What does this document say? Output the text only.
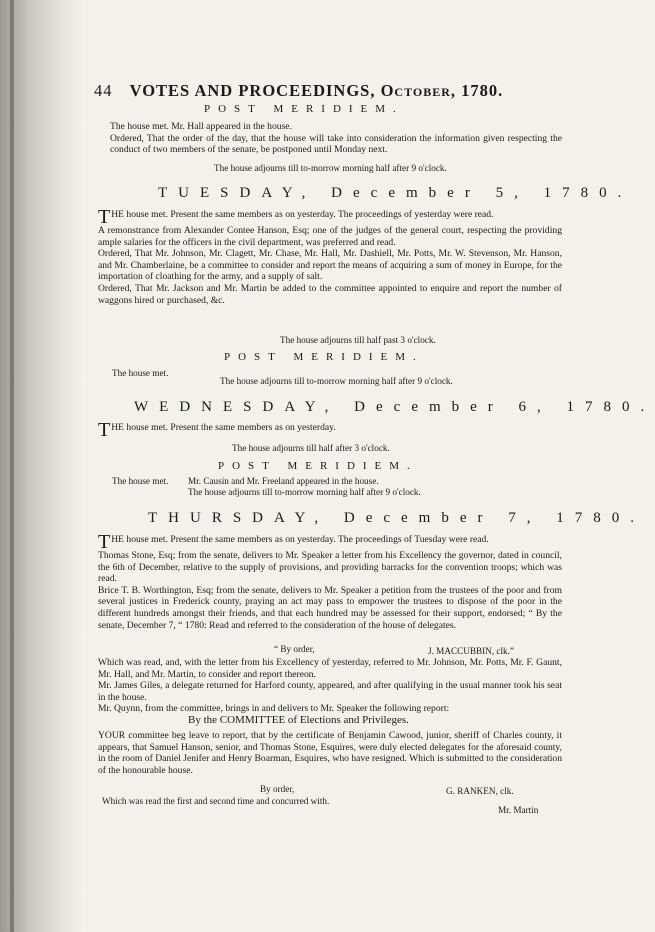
44 VOTES AND PROCEEDINGS, October, 1780.
POST MERIDIEM.

The house met. Mr. Hall appeared in the house.

Ordered, That the order of the day, that the house will take into consideration the information given respecting the conduct of two members of the senate, be postponed until Monday next.

The house adjourns till to-morrow morning half after 9 o'clock.
TUESDAY, December 5, 1780.

THE house met. Present the same members as on yesterday. The proceedings of yesterday were read.

A remonstrance from Alexander Contee Hanson, Esq; one of the judges of the general court, respecting the providing ample salaries for the officers in the civil department, was preferred and read.

Ordered, That Mr. Johnson, Mr. Clagett, Mr. Chase, Mr. Hall, Mr. Dashiell, Mr. Potts, Mr. W. Stevenson, Mr. Hanson, and Mr. Chamberlaine, be a committee to consider and report the means of acquiring a sum of money in Europe, for the importation of cloathing for the army, and a supply of salt.

Ordered, That Mr. Jackson and Mr. Martin be added to the committee appointed to enquire and report the number of waggons hired or purchased, &c.

The house adjourns till half past 3 o'clock.
POST MERIDIEM.
The house met.
The house adjourns till to-morrow morning half after 9 o'clock.
WEDNESDAY, December 6, 1780.

THE house met. Present the same members as on yesterday.

The house adjourns till half after 3 o'clock.
POST MERIDIEM.
The house met. Mr. Causin and Mr. Freeland appeared in the house.
The house adjourns till to-morrow morning half after 9 o'clock.
THURSDAY, December 7, 1780.

THE house met. Present the same members as on yesterday. The proceedings of Tuesday were read.

Thomas Stone, Esq; from the senate, delivers to Mr. Speaker a letter from his Excellency the governor, dated in council, the 6th of December, relative to the supply of provisions, and providing barracks for the convention troops; which was read.

Brice T. B. Worthington, Esq; from the senate, delivers to Mr. Speaker a petition from the trustees of the poor and from several justices in Frederick county, praying an act may pass to empower the trustees to dispose of the poor in the different hundreds amongst their friends, and that each hundred may be assessed for their support, endorsed; “ By the senate, December 7, “ 1780: Read and referred to the consideration of the house of delegates.

“ By order,	J. MACCUBBIN, clk.”

Which was read, and, with the letter from his Excellency of yesterday, referred to Mr. Johnson, Mr. Potts, Mr. F. Gaunt, Mr. Hall, and Mr. Martin, to consider and report thereon.

Mr. James Giles, a delegate returned for Harford county, appeared, and after qualifying in the usual manner took his seat in the house.

Mr. Quynn, from the committee, brings in and delivers to Mr. Speaker the following report:

By the COMMITTEE of Elections and Privileges.

YOUR committee beg leave to report, that by the certificate of Benjamin Cawood, junior, sheriff of Charles county, it appears, that Samuel Hanson, senior, and Thomas Stone, Esquires, were duly elected delegates for the aforesaid county, in the room of Daniel Jenifer and Henry Boarman, Esquires, who have resigned. Which is submitted to the consideration of the honourable house.

By order,	G. RANKEN, clk.
Which was read the first and second time and concurred with.
Mr. Martin
